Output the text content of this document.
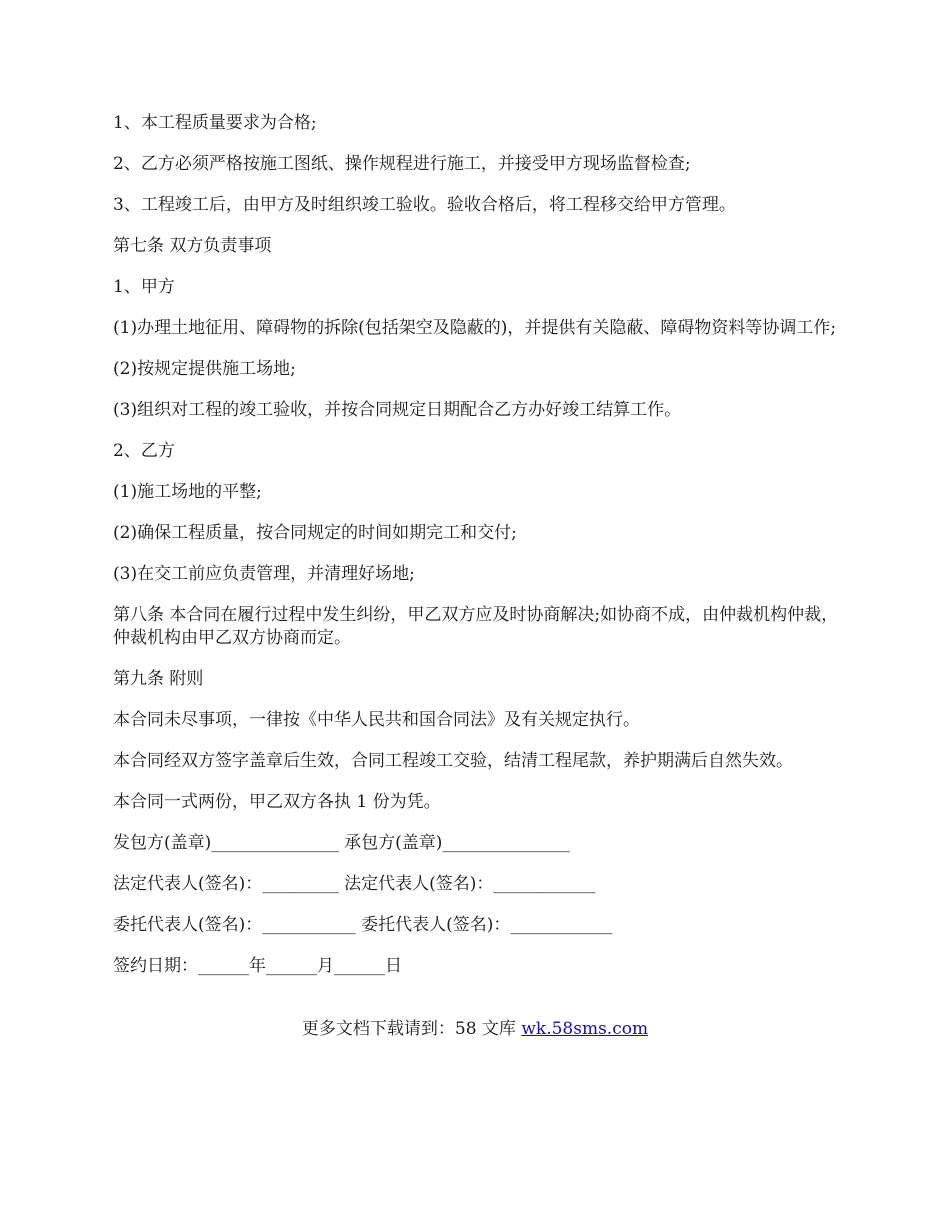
1、本工程质量要求为合格;

2、乙方必须严格按施工图纸、操作规程进行施工，并接受甲方现场监督检查;

3、工程竣工后，由甲方及时组织竣工验收。验收合格后，将工程移交给甲方管理。

第七条 双方负责事项

1、甲方

(1)办理土地征用、障碍物的拆除(包括架空及隐蔽的)，并提供有关隐蔽、障碍物资料等协调工作;

(2)按规定提供施工场地;

(3)组织对工程的竣工验收，并按合同规定日期配合乙方办好竣工结算工作。

2、乙方

(1)施工场地的平整;

(2)确保工程质量，按合同规定的时间如期完工和交付;

(3)在交工前应负责管理，并清理好场地;

第八条 本合同在履行过程中发生纠纷，甲乙双方应及时协商解决;如协商不成，由仲裁机构仲裁，仲裁机构由甲乙双方协商而定。

第九条 附则

本合同未尽事项，一律按《中华人民共和国合同法》及有关规定执行。

本合同经双方签字盖章后生效，合同工程竣工交验，结清工程尾款，养护期满后自然失效。

本合同一式两份，甲乙双方各执 1 份为凭。

发包方(盖章)_______________ 承包方(盖章)_______________

法定代表人(签名)：_________ 法定代表人(签名)：____________

委托代表人(签名)：___________ 委托代表人(签名)：____________

签约日期：______年______月______日

更多文档下载请到：58 文库 wk.58sms.com
